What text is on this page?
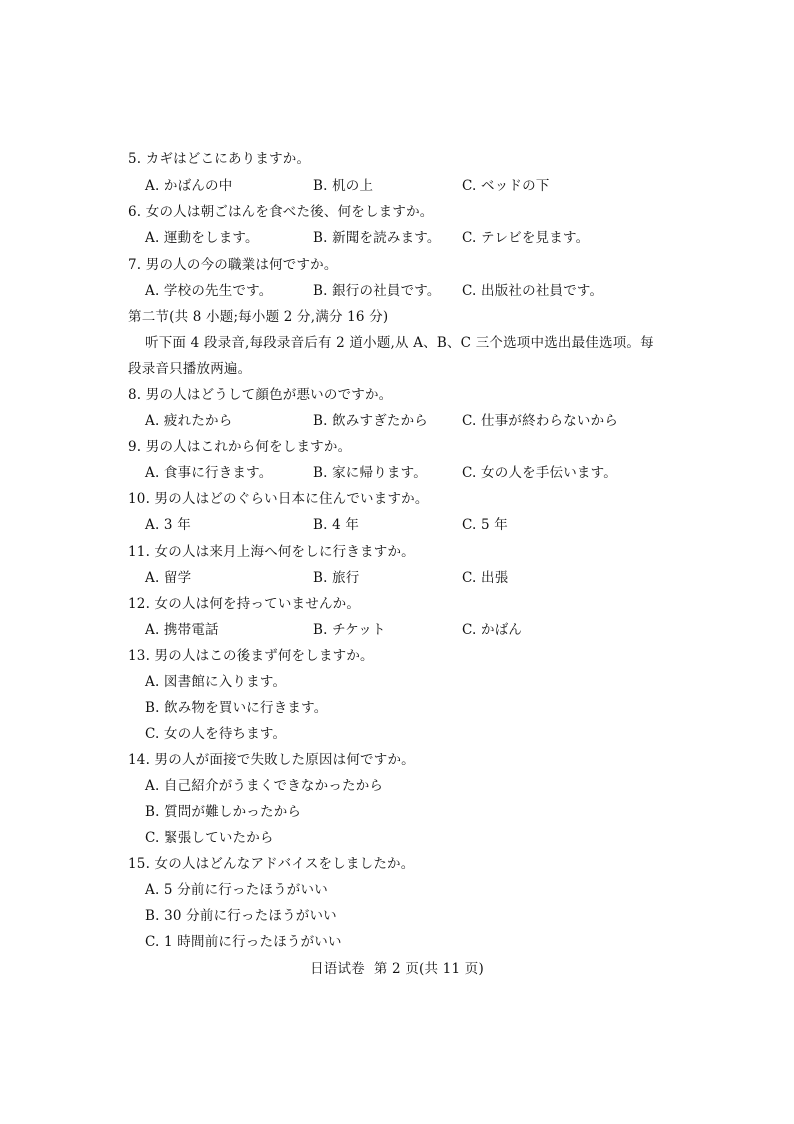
5. カギはどこにありますか。
A. かばんの中	B. 机の上	C. ベッドの下
6. 女の人は朝ごはんを食べた後、何をしますか。
A. 運動をします。	B. 新聞を読みます。 C. テレビを見ます。
7. 男の人の今の職業は何ですか。
A. 学校の先生です。	B. 銀行の社員です。 C. 出版社の社員です。
第二节(共 8 小题;每小题 2 分,满分 16 分)
听下面 4 段录音,每段录音后有 2 道小题,从 A、B、C 三个选项中选出最佳选项。每
段录音只播放两遍。
8. 男の人はどうして顔色が悪いのですか。
A. 疲れたから	B. 飲みすぎたから	C. 仕事が終わらないから
9. 男の人はこれから何をしますか。
A. 食事に行きます。	B. 家に帰ります。	C. 女の人を手伝います。
10. 男の人はどのぐらい日本に住んでいますか。
A. 3 年	B. 4 年	C. 5 年
11. 女の人は来月上海へ何をしに行きますか。
A. 留学	B. 旅行	C. 出張
12. 女の人は何を持っていませんか。
A. 携帯電話	B. チケット	C. かばん
13. 男の人はこの後まず何をしますか。
A. 図書館に入ります。
B. 飲み物を買いに行きます。
C. 女の人を待ちます。
14. 男の人が面接で失敗した原因は何ですか。
A. 自己紹介がうまくできなかったから
B. 質問が難しかったから
C. 緊張していたから
15. 女の人はどんなアドバイスをしましたか。
A. 5 分前に行ったほうがいい
B. 30 分前に行ったほうがいい
C. 1 時間前に行ったほうがいい
日语试卷  第 2 页(共 11 页)
